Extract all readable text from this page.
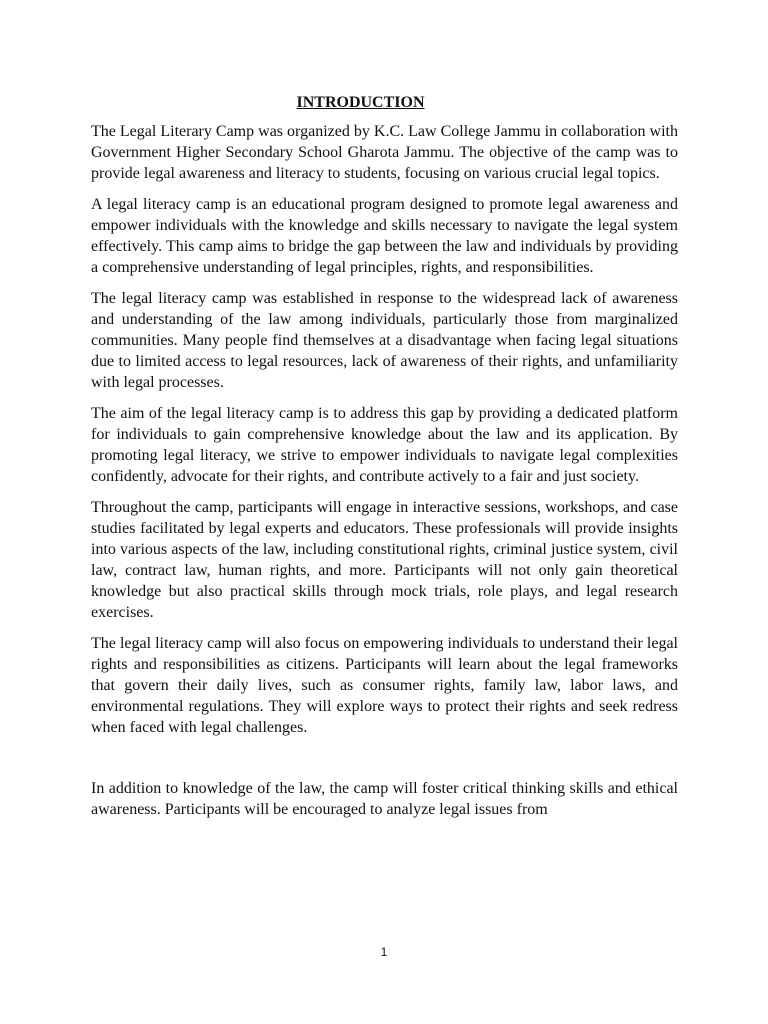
INTRODUCTION

The Legal Literary Camp was organized by K.C. Law College Jammu in collaboration with Government Higher Secondary School Gharota Jammu. The objective of the camp was to provide legal awareness and literacy to students, focusing on various crucial legal topics.

A legal literacy camp is an educational program designed to promote legal awareness and empower individuals with the knowledge and skills necessary to navigate the legal system effectively. This camp aims to bridge the gap between the law and individuals by providing a comprehensive understanding of legal principles, rights, and responsibilities.

The legal literacy camp was established in response to the widespread lack of awareness and understanding of the law among individuals, particularly those from marginalized communities. Many people find themselves at a disadvantage when facing legal situations due to limited access to legal resources, lack of awareness of their rights, and unfamiliarity with legal processes.

The aim of the legal literacy camp is to address this gap by providing a dedicated platform for individuals to gain comprehensive knowledge about the law and its application. By promoting legal literacy, we strive to empower individuals to navigate legal complexities confidently, advocate for their rights, and contribute actively to a fair and just society.

Throughout the camp, participants will engage in interactive sessions, workshops, and case studies facilitated by legal experts and educators. These professionals will provide insights into various aspects of the law, including constitutional rights, criminal justice system, civil law, contract law, human rights, and more. Participants will not only gain theoretical knowledge but also practical skills through mock trials, role plays, and legal research exercises.

The legal literacy camp will also focus on empowering individuals to understand their legal rights and responsibilities as citizens. Participants will learn about the legal frameworks that govern their daily lives, such as consumer rights, family law, labor laws, and environmental regulations. They will explore ways to protect their rights and seek redress when faced with legal challenges.

In addition to knowledge of the law, the camp will foster critical thinking skills and ethical awareness. Participants will be encouraged to analyze legal issues from

1
